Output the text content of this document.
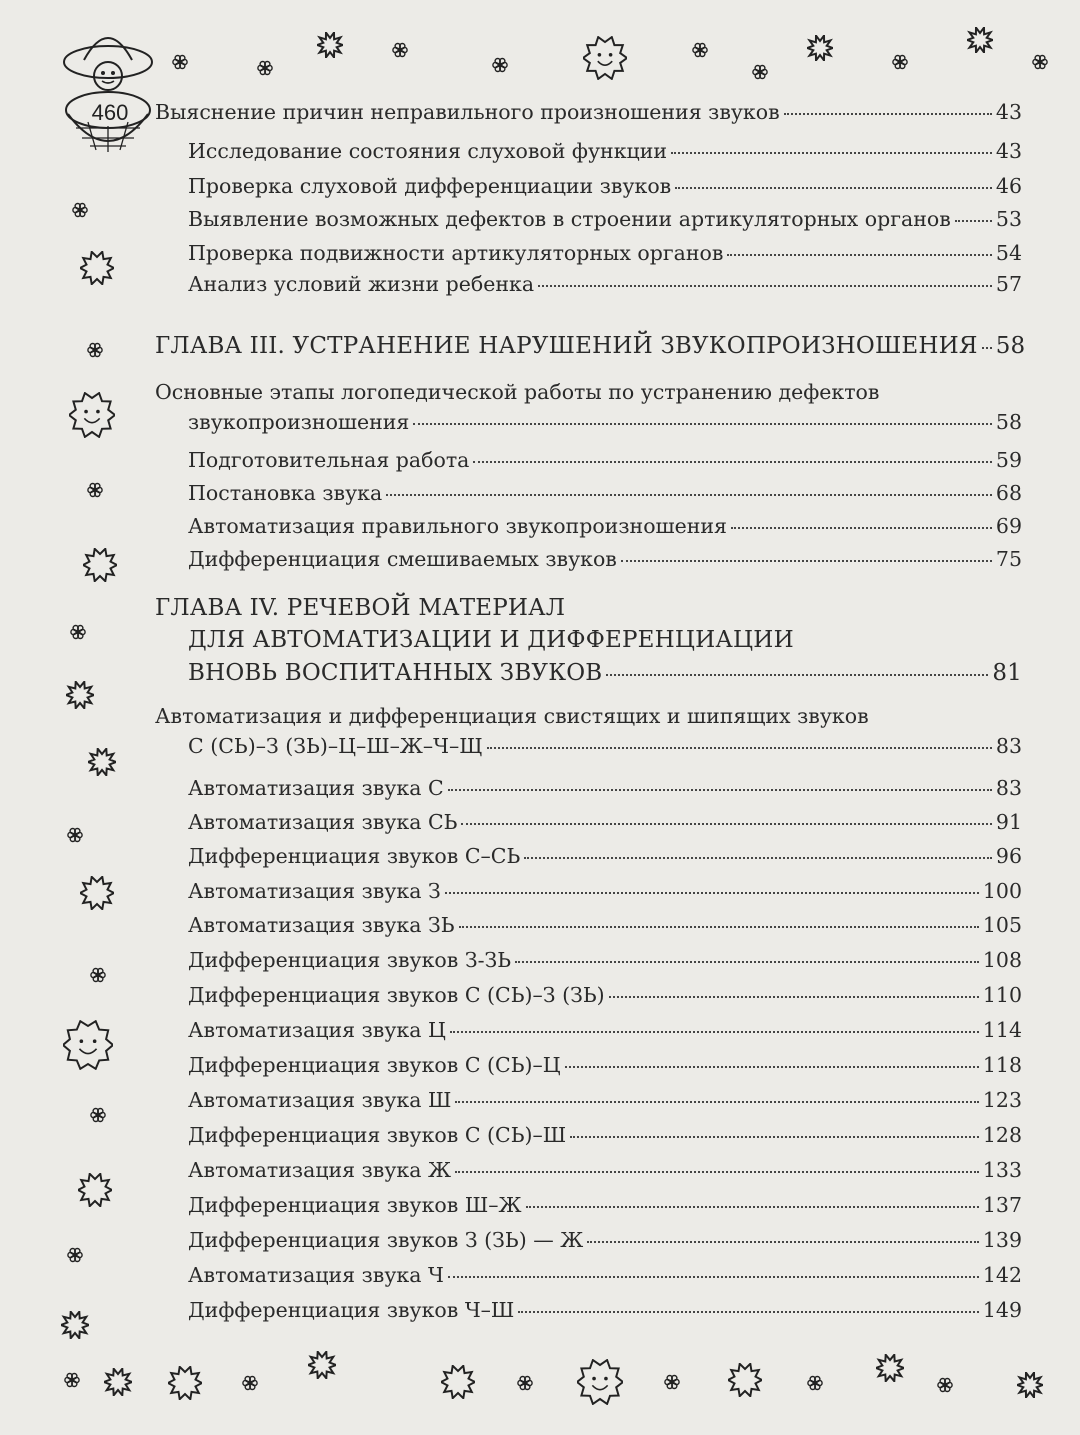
460	Выяснение причин неправильного произношения звуков	43
Исследование состояния слуховой функции	43
Проверка слуховой дифференциации звуков	46
Выявление возможных дефектов в строении артикуляторных органов 53
Проверка подвижности артикуляторных органов	54
Анализ условий жизни ребенка	57
ГЛАВА III. УСТРАНЕНИЕ НАРУШЕНИЙ ЗВУКОПРОИЗНОШЕНИЯ 58
Основные этапы логопедической работы по устранению дефектов
звукопроизношения	58
Подготовительная работа	59
Постановка звука	68
Автоматизация правильного звукопроизношения	69
Дифференциация смешиваемых звуков	75
ГЛАВА IV. РЕЧЕВОЙ МАТЕРИАЛ
ДЛЯ АВТОМАТИЗАЦИИ И ДИФФЕРЕНЦИАЦИИ
ВНОВЬ ВОСПИТАННЫХ ЗВУКОВ	81
Автоматизация и дифференциация свистящих и шипящих звуков
С (СЬ)–З (ЗЬ)–Ц–Ш–Ж–Ч–Щ	83
Автоматизация звука С	83
Автоматизация звука СЬ	91
Дифференциация звуков С–СЬ	96
Автоматизация звука З	100
Автоматизация звука ЗЬ	105
Дифференциация звуков З-ЗЬ	108
Дифференциация звуков С (СЬ)–З (ЗЬ)	110
Автоматизация звука Ц	114
Дифференциация звуков С (СЬ)–Ц	118
Автоматизация звука Ш	123
Дифференциация звуков С (СЬ)–Ш	128
Автоматизация звука Ж	133
Дифференциация звуков Ш–Ж	137
Дифференциация звуков З (ЗЬ) — Ж	139
Автоматизация звука Ч	142
Дифференциация звуков Ч–Ш	149
